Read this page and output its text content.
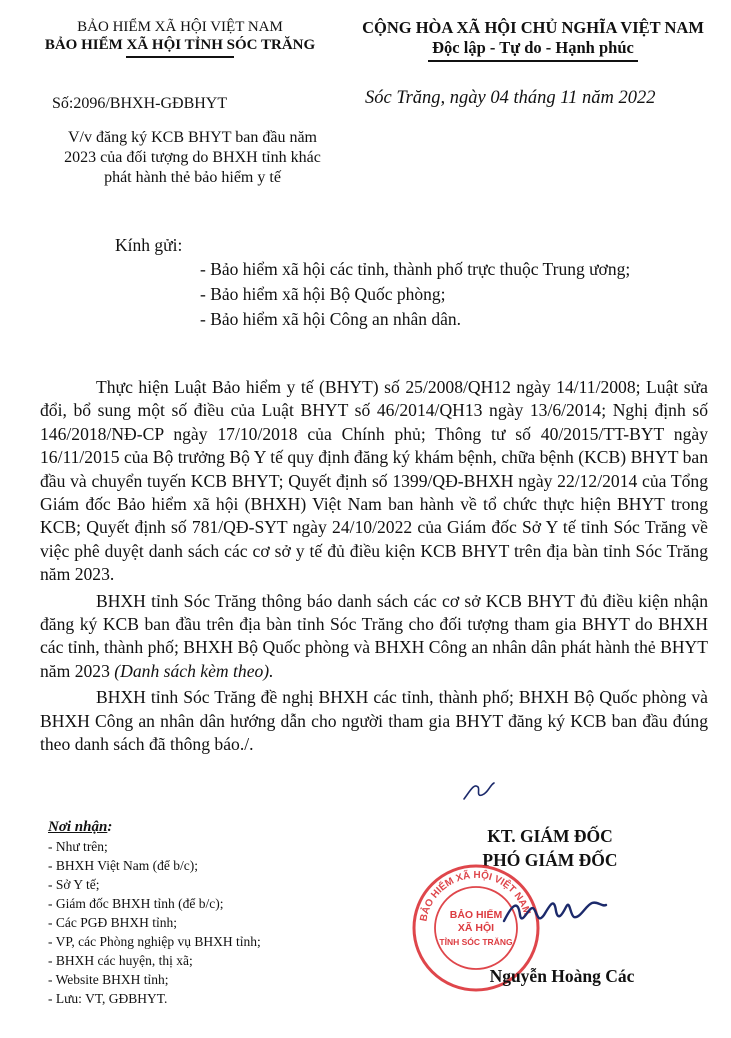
BẢO HIỂM XÃ HỘI VIỆT NAM
BẢO HIỂM XÃ HỘI TỈNH SÓC TRĂNG
CỘNG HÒA XÃ HỘI CHỦ NGHĨA VIỆT NAM
Độc lập - Tự do - Hạnh phúc
Số:2096/BHXH-GĐBHYT	Sóc Trăng, ngày 04 tháng 11 năm 2022
V/v đăng ký KCB BHYT ban đầu năm
2023 của đối tượng do BHXH tỉnh khác
phát hành thẻ bảo hiểm y tế
Kính gửi:
- Bảo hiểm xã hội các tỉnh, thành phố trực thuộc Trung ương;
- Bảo hiểm xã hội Bộ Quốc phòng;
- Bảo hiểm xã hội Công an nhân dân.

Thực hiện Luật Bảo hiểm y tế (BHYT) số 25/2008/QH12 ngày 14/11/2008; Luật sửa đổi, bổ sung một số điều của Luật BHYT số 46/2014/QH13 ngày 13/6/2014; Nghị định số 146/2018/NĐ-CP ngày 17/10/2018 của Chính phủ; Thông tư số 40/2015/TT-BYT ngày 16/11/2015 của Bộ trưởng Bộ Y tế quy định đăng ký khám bệnh, chữa bệnh (KCB) BHYT ban đầu và chuyển tuyến KCB BHYT; Quyết định số 1399/QĐ-BHXH ngày 22/12/2014 của Tổng Giám đốc Bảo hiểm xã hội (BHXH) Việt Nam ban hành về tổ chức thực hiện BHYT trong KCB; Quyết định số 781/QĐ-SYT ngày 24/10/2022 của Giám đốc Sở Y tế tỉnh Sóc Trăng về việc phê duyệt danh sách các cơ sở y tế đủ điều kiện KCB BHYT trên địa bàn tỉnh Sóc Trăng năm 2023.

BHXH tỉnh Sóc Trăng thông báo danh sách các cơ sở KCB BHYT đủ điều kiện nhận đăng ký KCB ban đầu trên địa bàn tỉnh Sóc Trăng cho đối tượng tham gia BHYT do BHXH các tỉnh, thành phố; BHXH Bộ Quốc phòng và BHXH Công an nhân dân phát hành thẻ BHYT năm 2023 (Danh sách kèm theo).

BHXH tỉnh Sóc Trăng đề nghị BHXH các tỉnh, thành phố; BHXH Bộ Quốc phòng và BHXH Công an nhân dân hướng dẫn cho người tham gia BHYT đăng ký KCB ban đầu đúng theo danh sách đã thông báo./.

Nơi nhận:
- Như trên;
- BHXH Việt Nam (để b/c);
- Sở Y tế;
- Giám đốc BHXH tỉnh (để b/c);
- Các PGĐ BHXH tỉnh;
- VP, các Phòng nghiệp vụ BHXH tỉnh;
- BHXH các huyện, thị xã;
- Website BHXH tỉnh;
- Lưu: VT, GĐBHYT.
KT. GIÁM ĐỐC
PHÓ GIÁM ĐỐC
BẢO HIỂM XÃ HỘI VIỆT NAM
BẢO HIỂM
XÃ HỘI
TỈNH SÓC TRĂNG
Nguyễn Hoàng Các
